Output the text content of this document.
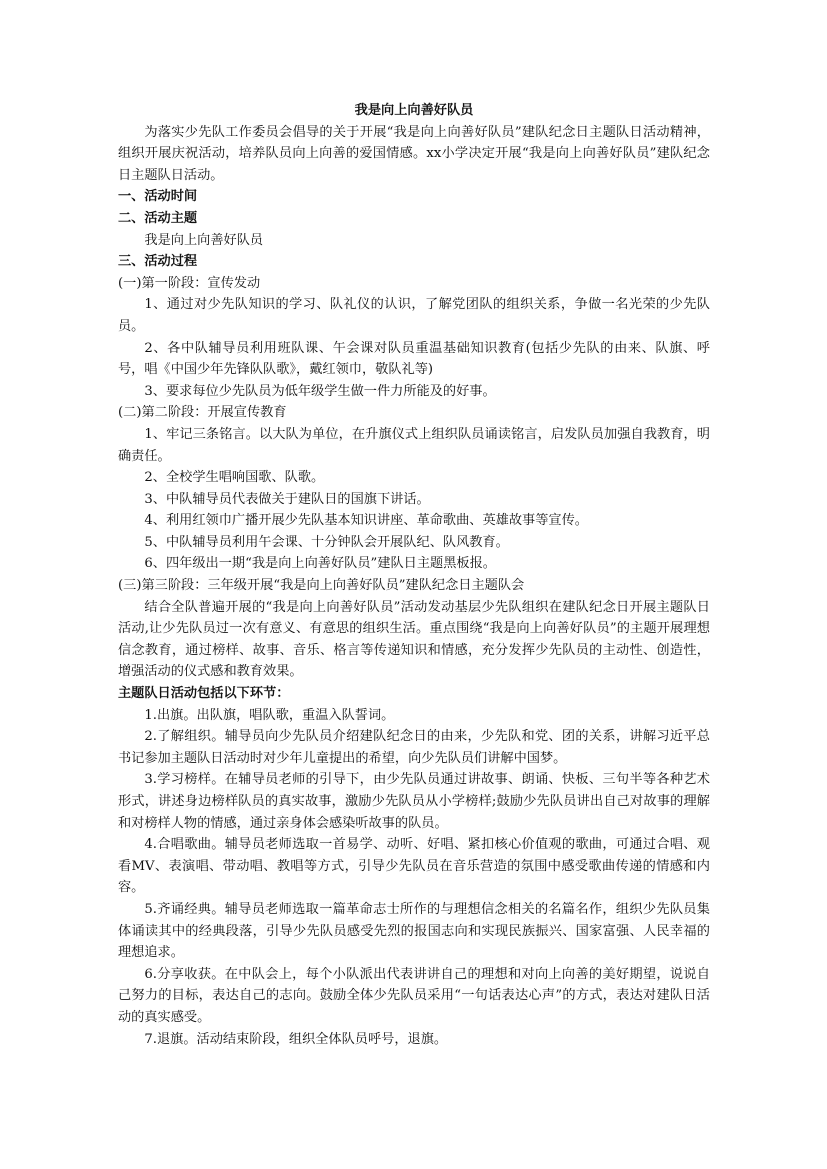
我是向上向善好队员

为落实少先队工作委员会倡导的关于开展“我是向上向善好队员”建队纪念日主题队日活动精神，组织开展庆祝活动，培养队员向上向善的爱国情感。xx小学决定开展“我是向上向善好队员”建队纪念日主题队日活动。

一、活动时间

二、活动主题

我是向上向善好队员

三、活动过程

(一)第一阶段：宣传发动

1、通过对少先队知识的学习、队礼仪的认识，了解党团队的组织关系，争做一名光荣的少先队员。

2、各中队辅导员利用班队课、午会课对队员重温基础知识教育(包括少先队的由来、队旗、呼号，唱《中国少年先锋队队歌》，戴红领巾，敬队礼等)

3、要求每位少先队员为低年级学生做一件力所能及的好事。

(二)第二阶段：开展宣传教育

1、牢记三条铭言。以大队为单位，在升旗仪式上组织队员诵读铭言，启发队员加强自我教育，明确责任。

2、全校学生唱响国歌、队歌。

3、中队辅导员代表做关于建队日的国旗下讲话。

4、利用红领巾广播开展少先队基本知识讲座、革命歌曲、英雄故事等宣传。

5、中队辅导员利用午会课、十分钟队会开展队纪、队风教育。

6、四年级出一期“我是向上向善好队员”建队日主题黑板报。

(三)第三阶段：三年级开展“我是向上向善好队员”建队纪念日主题队会

结合全队普遍开展的“我是向上向善好队员”活动发动基层少先队组织在建队纪念日开展主题队日活动,让少先队员过一次有意义、有意思的组织生活。重点围绕“我是向上向善好队员”的主题开展理想信念教育，通过榜样、故事、音乐、格言等传递知识和情感，充分发挥少先队员的主动性、创造性，增强活动的仪式感和教育效果。

主题队日活动包括以下环节：

1.出旗。出队旗，唱队歌，重温入队誓词。

2.了解组织。辅导员向少先队员介绍建队纪念日的由来，少先队和党、团的关系，讲解习近平总书记参加主题队日活动时对少年儿童提出的希望，向少先队员们讲解中国梦。

3.学习榜样。在辅导员老师的引导下，由少先队员通过讲故事、朗诵、快板、三句半等各种艺术形式，讲述身边榜样队员的真实故事，激励少先队员从小学榜样;鼓励少先队员讲出自己对故事的理解和对榜样人物的情感，通过亲身体会感染听故事的队员。

4.合唱歌曲。辅导员老师选取一首易学、动听、好唱、紧扣核心价值观的歌曲，可通过合唱、观看MV、表演唱、带动唱、教唱等方式，引导少先队员在音乐营造的氛围中感受歌曲传递的情感和内容。

5.齐诵经典。辅导员老师选取一篇革命志士所作的与理想信念相关的名篇名作，组织少先队员集体诵读其中的经典段落，引导少先队员感受先烈的报国志向和实现民族振兴、国家富强、人民幸福的理想追求。

6.分享收获。在中队会上，每个小队派出代表讲讲自己的理想和对向上向善的美好期望，说说自己努力的目标，表达自己的志向。鼓励全体少先队员采用“一句话表达心声”的方式，表达对建队日活动的真实感受。

7.退旗。活动结束阶段，组织全体队员呼号，退旗。
